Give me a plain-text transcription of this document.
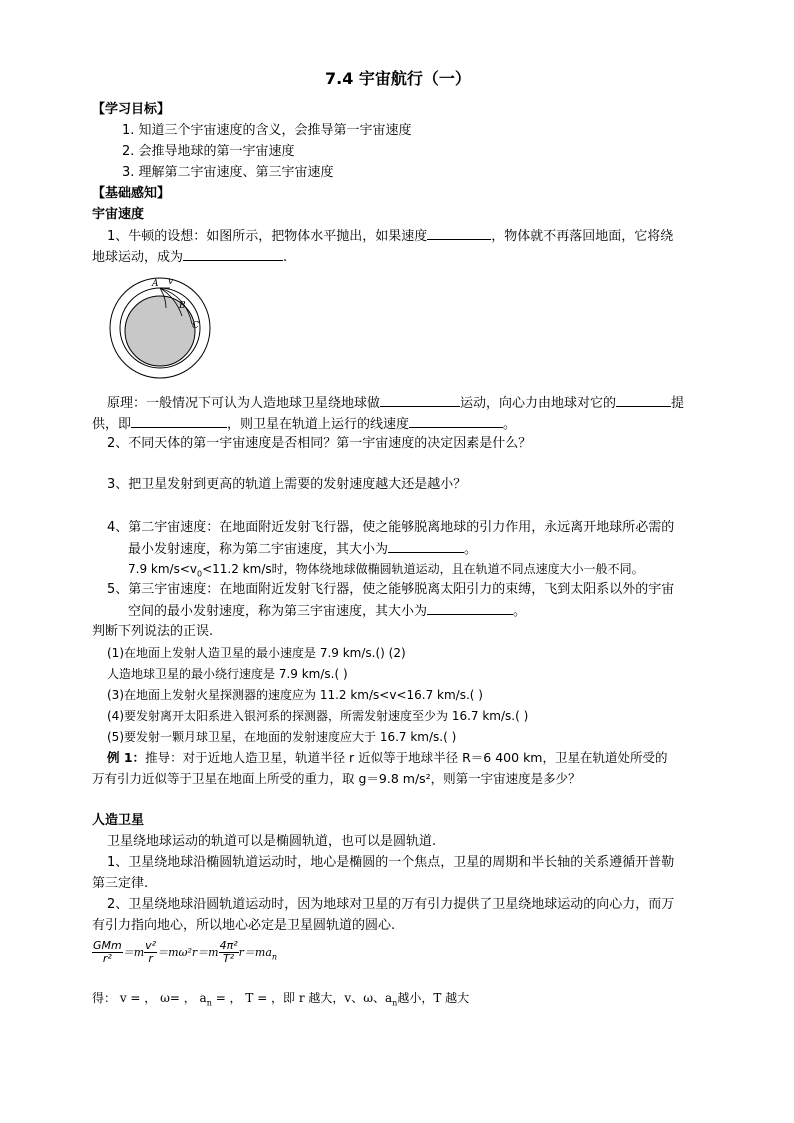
7.4 宇宙航行（一）
【学习目标】
1. 知道三个宇宙速度的含义，会推导第一宇宙速度
2. 会推导地球的第一宇宙速度
3. 理解第二宇宙速度、第三宇宙速度
【基础感知】
宇宙速度
1、牛顿的设想：如图所示，把物体水平抛出，如果速度	，物体就不再落回地面，它将绕
地球运动，成为	.
A v
B
C
原理：一般情况下可认为人造地球卫星绕地球做	运动，向心力由地球对它的	提
供，即	，则卫星在轨道上运行的线速度	。
2、不同天体的第一宇宙速度是否相同？第一宇宙速度的决定因素是什么？
3、把卫星发射到更高的轨道上需要的发射速度越大还是越小？
4、第二宇宙速度：在地面附近发射飞行器，使之能够脱离地球的引力作用，永远离开地球所必需的
最小发射速度，称为第二宇宙速度，其大小为	。
7.9 $km/s<v_0<11.2$ km/s时，物体绕地球做椭圆轨道运动，且在轨道不同点速度大小一般不同。
5、第三宇宙速度：在地面附近发射飞行器，使之能够脱离太阳引力的束缚，飞到太阳系以外的宇宙
空间的最小发射速度，称为第三宇宙速度，其大小为	。
判断下列说法的正误.
(1)在地面上发射人造卫星的最小速度是 7.9 km/s.() (2)
人造地球卫星的最小绕行速度是 7.9 km/s.( )
(3)在地面上发射火星探测器的速度应为 11.2 km/s<v<16.7 km/s.( )
(4)要发射离开太阳系进入银河系的探测器，所需发射速度至少为 16.7 km/s.( )
(5)要发射一颗月球卫星，在地面的发射速度应大于 16.7 km/s.( )
例 1：推导：对于近地人造卫星，轨道半径 r 近似等于地球半径 R＝6 400 km，卫星在轨道处所受的
万有引力近似等于卫星在地面上所受的重力，取 g＝9.8 m/s²，则第一宇宙速度是多少？
人造卫星
卫星绕地球运动的轨道可以是椭圆轨道，也可以是圆轨道.
1、卫星绕地球沿椭圆轨道运动时，地心是椭圆的一个焦点，卫星的周期和半长轴的关系遵循开普勒
第三定律.
2、卫星绕地球沿圆轨道运动时，因为地球对卫星的万有引力提供了卫星绕地球运动的向心力，而万
有引力指向地心，所以地心必定是卫星圆轨道的圆心.
$\frac{\text{GMm}}{\text{r²}} =m \frac{\text{v²}}{r} =m\omega^2r=m \frac{\text{4π²}}{\text{T²}} r=ma_n$
得： v = ， ω= ， $a_n$ = ， T = ，即 r 越大，v、ω、$a_n$越小，T 越大
